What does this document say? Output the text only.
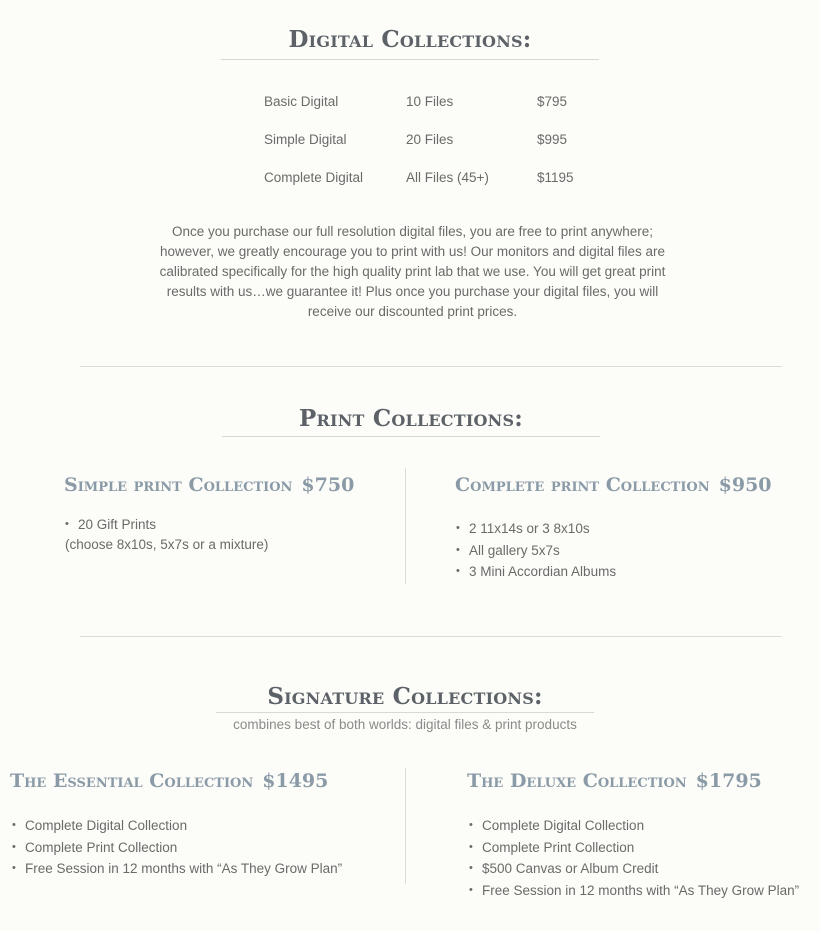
Digital Collections:
Basic Digital	10 Files	$795
Simple Digital	20 Files	$995
Complete Digital	All Files (45+)	$1195

Once you purchase our full resolution digital files, you are free to print anywhere; however, we greatly encourage you to print with us! Our monitors and digital files are calibrated specifically for the high quality print lab that we use. You will get great print results with us…we guarantee it! Plus once you purchase your digital files, you will receive our discounted print prices.

Print Collections:
Simple print Collection $750
• 20 Gift Prints
(choose 8x10s, 5x7s or a mixture)
Complete print Collection $950
• 2 11x14s or 3 8x10s
• All gallery 5x7s
• 3 Mini Accordian Albums
Signature Collections:
combines best of both worlds: digital files & print products
The Essential Collection $1495
• Complete Digital Collection
• Complete Print Collection
• Free Session in 12 months with “As They Grow Plan”
The Deluxe Collection $1795
• Complete Digital Collection
• Complete Print Collection
• $500 Canvas or Album Credit
• Free Session in 12 months with “As They Grow Plan”
